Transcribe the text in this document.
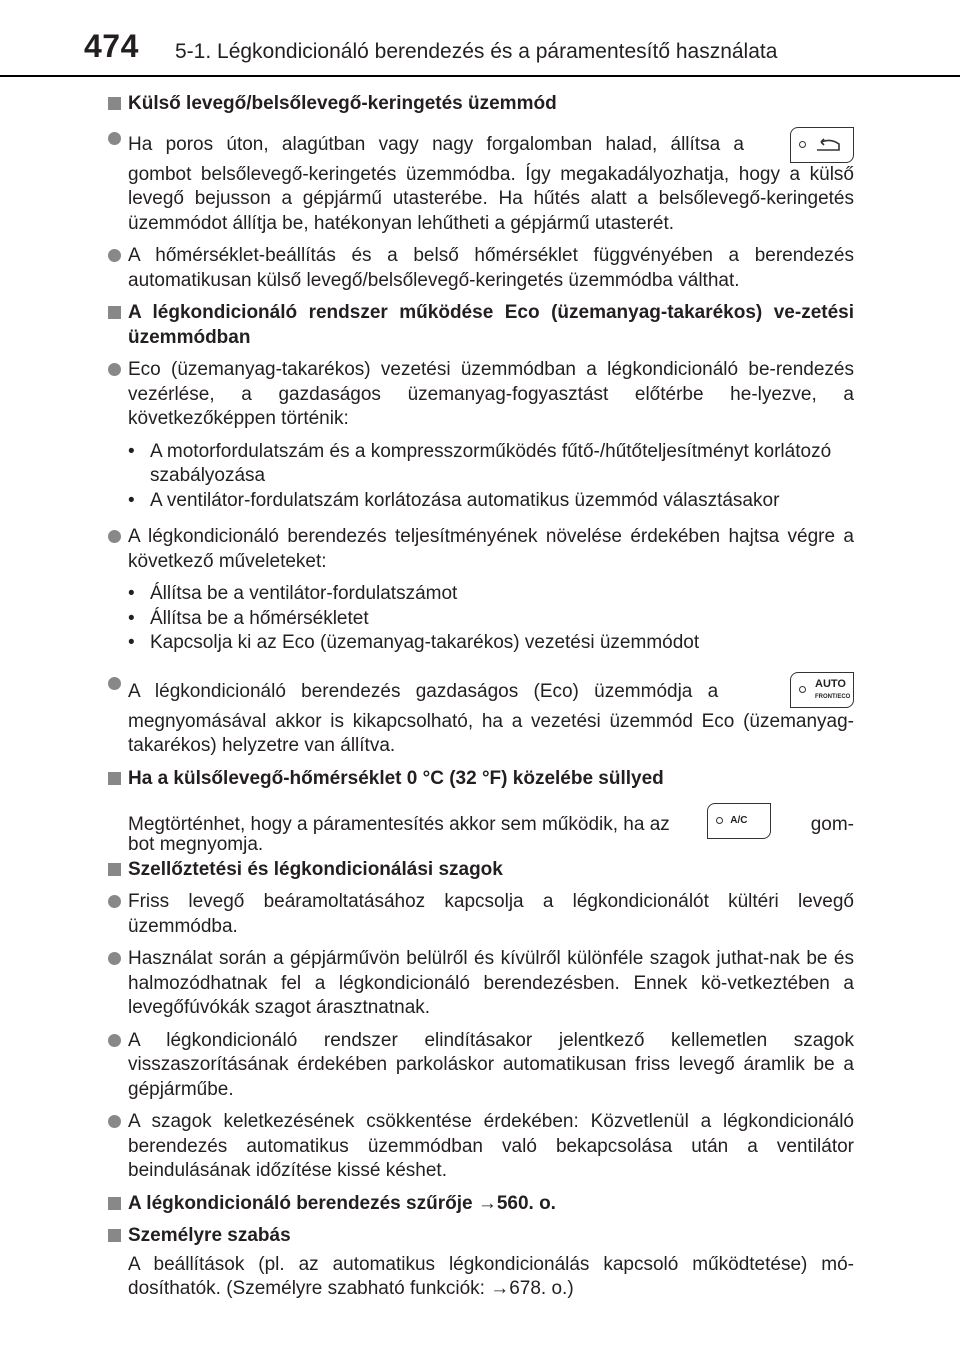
474 5-1. Légkondicionáló berendezés és a páramentesítő használata
Külső levegő/belsőlevegő-keringetés üzemmód
Ha poros úton, alagútban vagy nagy forgalomban halad, állítsa a
gombot belsőlevegő-keringetés üzemmódba. Így megakadályozhatja, hogy a külső levegő bejusson a gépjármű utasterébe. Ha hűtés alatt a belsőlevegő-keringetés üzemmódot állítja be, hatékonyan lehűtheti a gépjármű utasterét.
A hőmérséklet-beállítás és a belső hőmérséklet függvényében a berendezés automatikusan külső levegő/belsőlevegő-keringetés üzemmódba válthat.
A légkondicionáló rendszer működése Eco (üzemanyag-takarékos) ve-zetési üzemmódban
Eco (üzemanyag-takarékos) vezetési üzemmódban a légkondicionáló be-rendezés vezérlése, a gazdaságos üzemanyag-fogyasztást előtérbe he-lyezve, a következőképpen történik:
• A motorfordulatszám és a kompresszorműködés fűtő-/hűtőteljesítményt korlátozó szabályozása
• A ventilátor-fordulatszám korlátozása automatikus üzemmód választásakor
A légkondicionáló berendezés teljesítményének növelése érdekében hajtsa végre a következő műveleteket:
• Állítsa be a ventilátor-fordulatszámot
• Állítsa be a hőmérsékletet
• Kapcsolja ki az Eco (üzemanyag-takarékos) vezetési üzemmódot
A légkondicionáló berendezés gazdaságos (Eco) üzemmódja a	AUTO
FRONT/ECO
megnyomásával akkor is kikapcsolható, ha a vezetési üzemmód Eco (üzemanyag-takarékos) helyzetre van állítva.
Ha a külsőlevegő-hőmérséklet 0 °C (32 °F) közelébe süllyed
Megtörténhet, hogy a páramentesítés akkor sem működik, ha az	A/C	gom-
bot megnyomja.
Szellőztetési és légkondicionálási szagok
Friss levegő beáramoltatásához kapcsolja a légkondicionálót kültéri levegő üzemmódba.
Használat során a gépjárművön belülről és kívülről különféle szagok juthat-nak be és halmozódhatnak fel a légkondicionáló berendezésben. Ennek kö-vetkeztében a levegőfúvókák szagot árasztnatnak.
A légkondicionáló rendszer elindításakor jelentkező kellemetlen szagok visszaszorításának érdekében parkoláskor automatikusan friss levegő áramlik be a gépjárműbe.
A szagok keletkezésének csökkentése érdekében: Közvetlenül a légkondicionáló berendezés automatikus üzemmódban való bekapcsolása után a ventilátor beindulásának időzítése kissé késhet.
A légkondicionáló berendezés szűrője →560. o.
Személyre szabás
A beállítások (pl. az automatikus légkondicionálás kapcsoló működtetése) mó-dosíthatók. (Személyre szabható funkciók: →678. o.)
